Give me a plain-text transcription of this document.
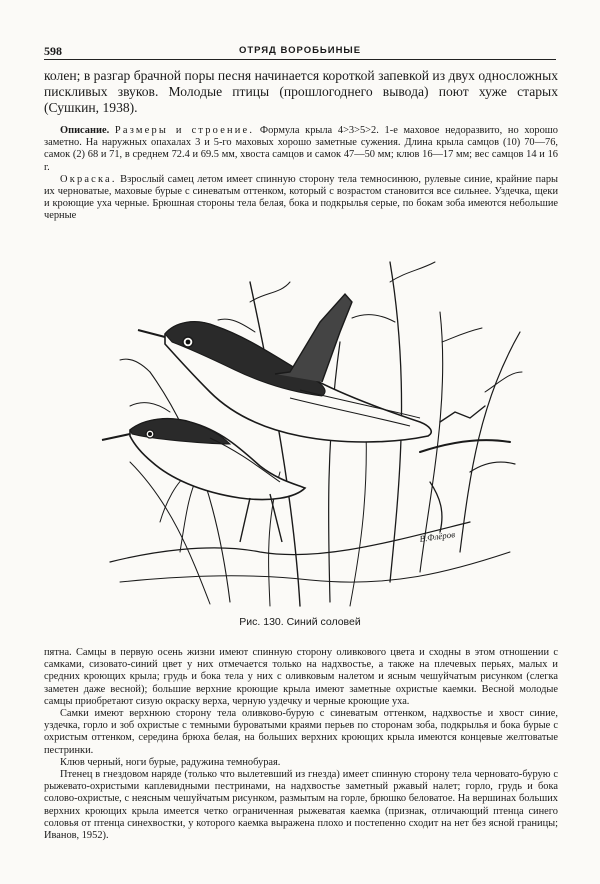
598	ОТРЯД ВОРОБЬИНЫЕ

колен; в разгар брачной поры песня начинается короткой запевкой из двух односложных пискливых звуков. Молодые птицы (прошлогоднего вывода) поют хуже старых (Сушкин, 1938).

Описание. Размеры и строение. Формула крыла 4>3>5>2. 1-е маховое недоразвито, но хорошо заметно. На наружных опахалах 3 и 5-го маховых хорошо заметные сужения. Длина крыла самцов (10) 70—76, самок (2) 68 и 71, в среднем 72.4 и 69.5 мм, хвоста самцов и самок 47—50 мм; клюв 16—17 мм; вес самцов 14 и 16 г.

Окраска. Взрослый самец летом имеет спинную сторону тела темносинюю, рулевые синие, крайние пары их черноватые, маховые бурые с синеватым оттенком, который с возрастом становится все сильнее. Уздечка, щеки и кроющие уха черные. Брюшная стороны тела белая, бока и подкрылья серые, по бокам зоба имеются небольшие черные

В.Флёров
Рис. 130. Синий соловей

пятна. Самцы в первую осень жизни имеют спинную сторону оливкового цвета и сходны в этом отношении с самками, сизовато-синий цвет у них отмечается только на надхвостье, а также на плечевых перьях, малых и средних кроющих крыла; грудь и бока тела у них с оливковым налетом и ясным чешуйчатым рисунком (слегка заметен даже весной); большие верхние кроющие крыла имеют заметные охристые каемки. Весной молодые самцы приобретают сизую окраску верха, черную уздечку и черные кроющие уха.

Самки имеют верхнюю сторону тела оливково-бурую с синеватым оттенком, надхвостье и хвост синие, уздечка, горло и зоб охристые с темными буроватыми краями перьев по сторонам зоба, подкрылья и бока бурые с охристым оттенком, середина брюха белая, на больших верхних кроющих крыла имеются концевые желтоватые пестринки.

Клюв черный, ноги бурые, радужина темнобурая.

Птенец в гнездовом наряде (только что вылетевший из гнезда) имеет спинную сторону тела черновато-бурую с рыжевато-охристыми каплевидными пестринами, на надхвостье заметный ржавый налет; горло, грудь и бока солово-охристые, с неясным чешуйчатым рисунком, размытым на горле, брюшко беловатое. На вершинах больших верхних кроющих крыла имеется четко ограниченная рыжеватая каемка (признак, отличающий птенца синего соловья от птенца синехвостки, у которого каемка выражена плохо и постепенно сходит на нет без ясной границы; Иванов, 1952).
